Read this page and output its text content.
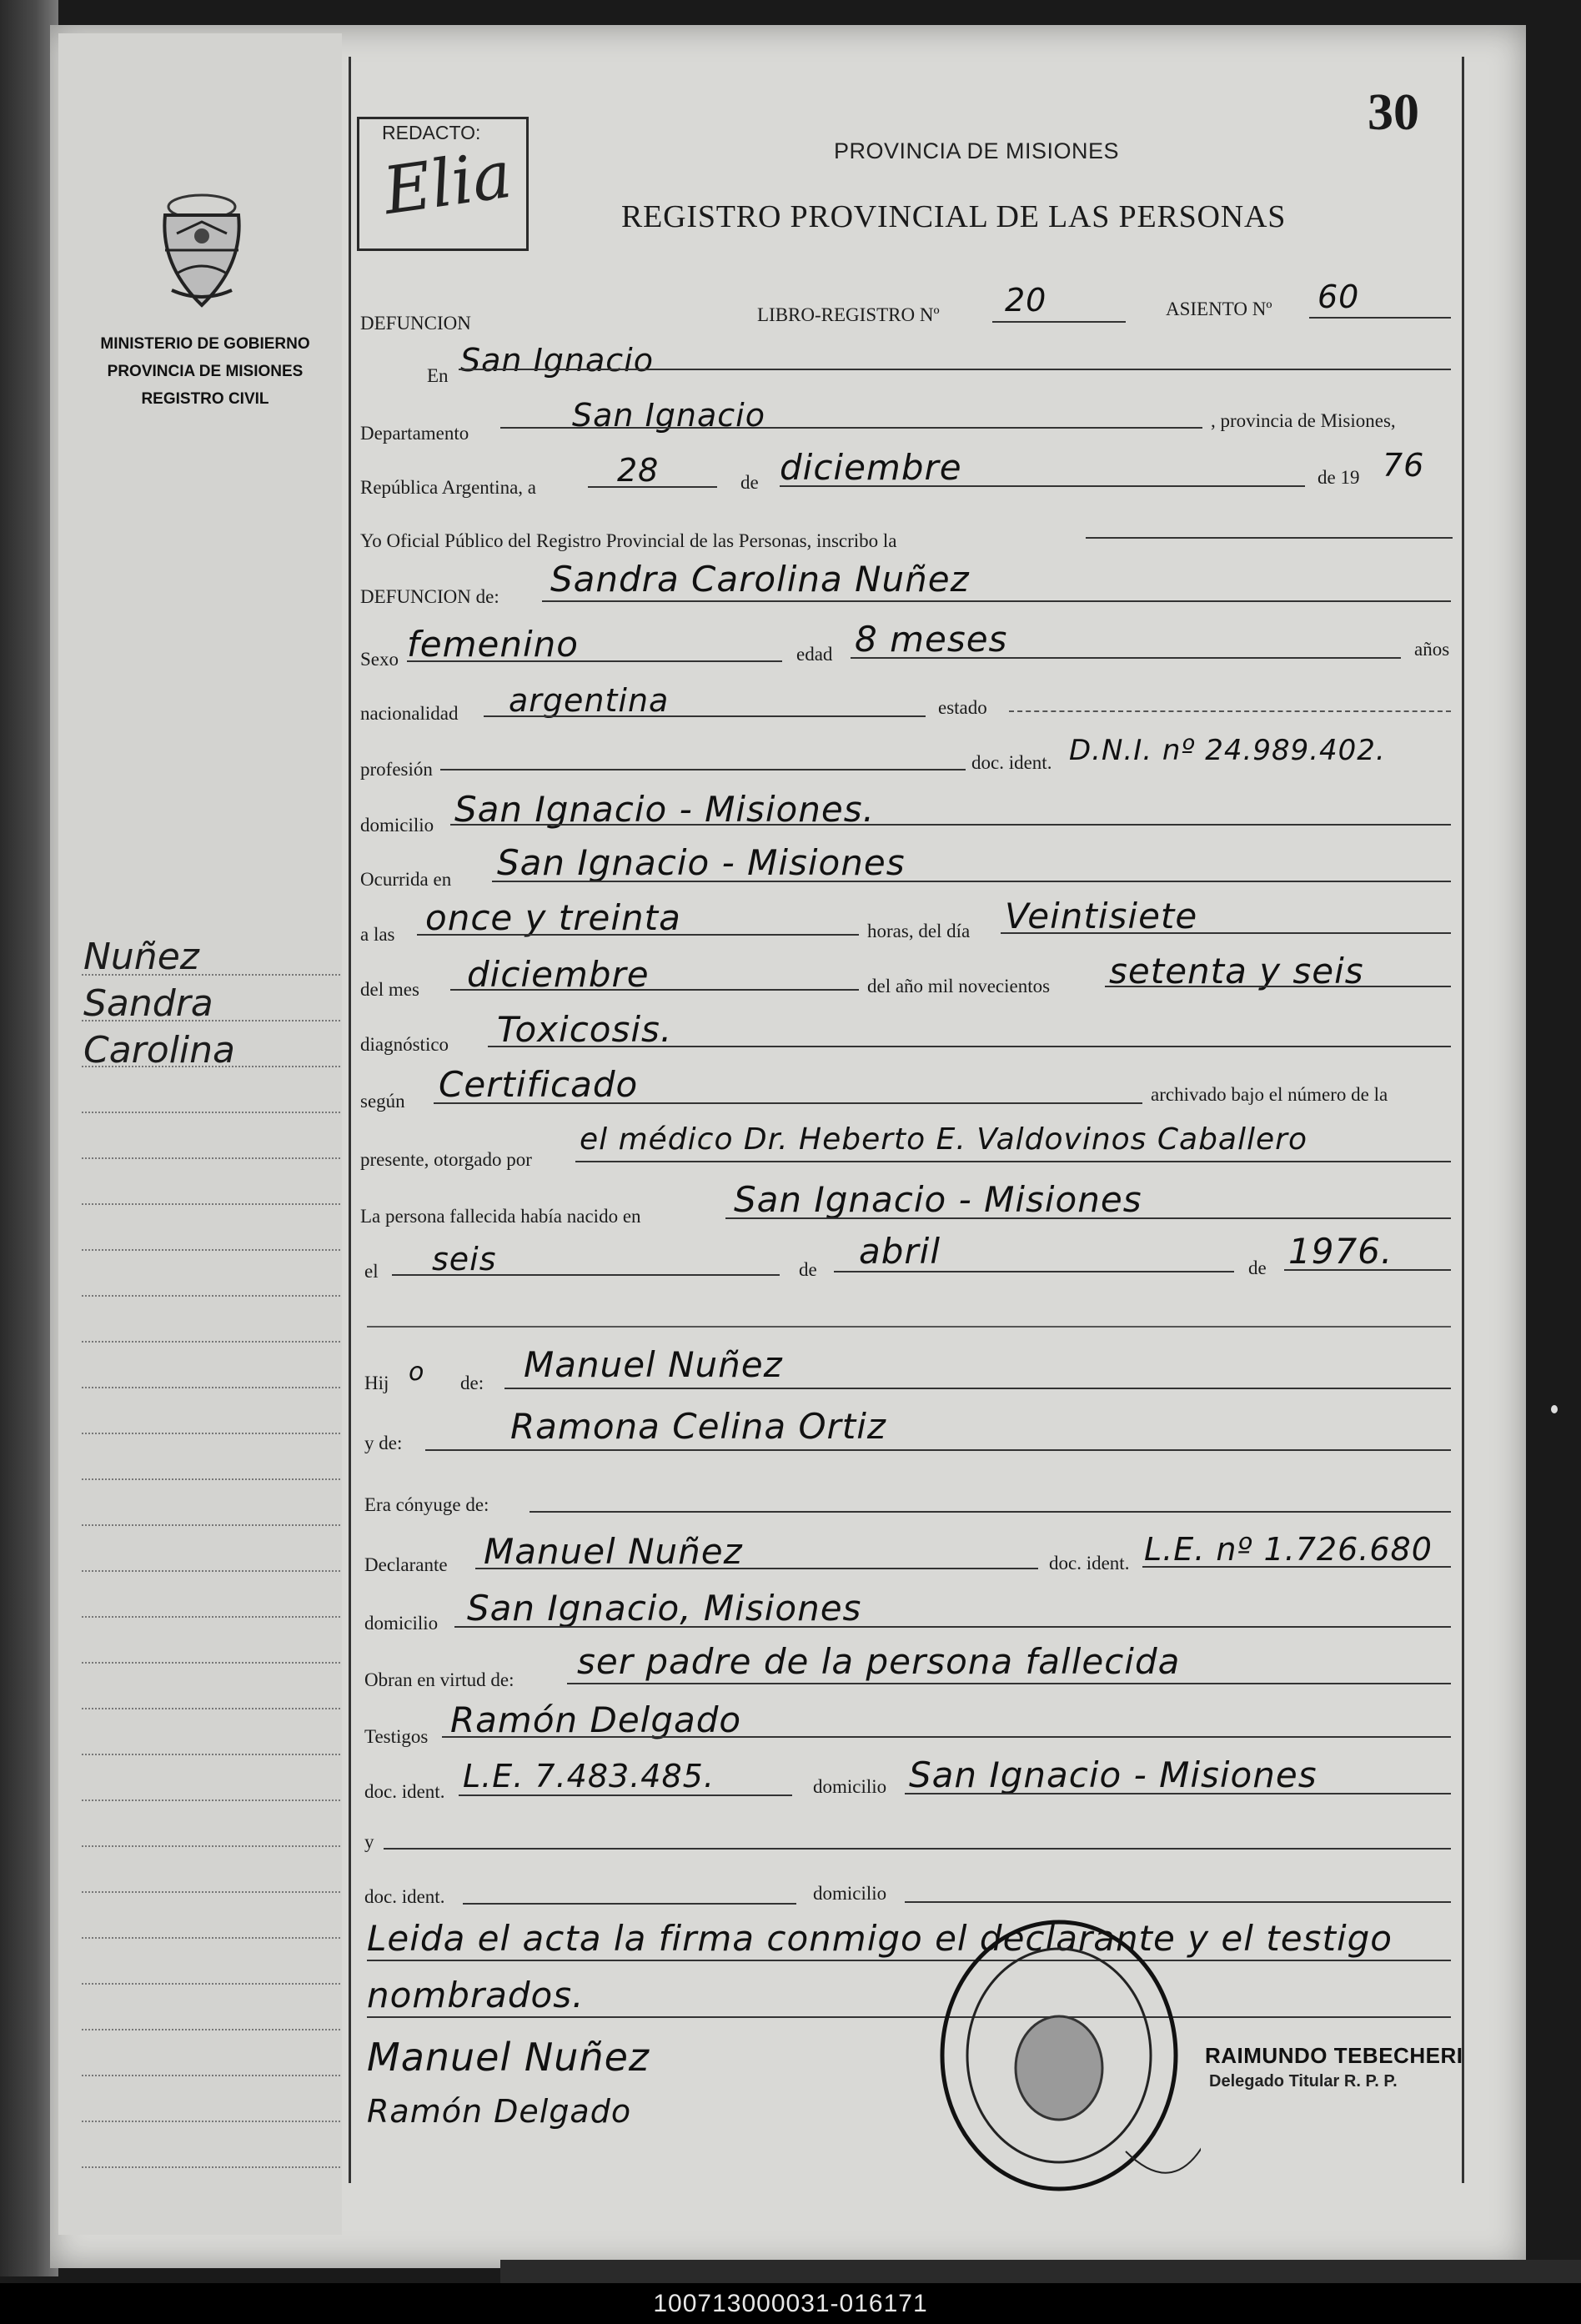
MINISTERIO DE GOBIERNO
PROVINCIA DE MISIONES
REGISTRO CIVIL
Nuñez
Sandra
Carolina
REDACTO:
Elia
30
PROVINCIA DE MISIONES
REGISTRO PROVINCIAL DE LAS PERSONAS
DEFUNCION	LIBRO-REGISTRO Nº 20	ASIENTO Nº 60
En San Ignacio
Departamento	San Ignacio	, provincia de Misiones,
República Argentina, a	28	de diciembre	de 19 76
Yo Oficial Público del Registro Provincial de las Personas, inscribo la
DEFUNCION de: Sandra Carolina Nuñez
Sexo femenino	edad 8 meses	años
nacionalidad argentina	estado
profesión	doc. ident. D.N.I. nº 24.989.402.
domicilio San Ignacio - Misiones.
Ocurrida en San Ignacio - Misiones
a las once y treinta	horas, del día Veintisiete
del mes diciembre	del año mil novecientos setenta y seis
diagnóstico Toxicosis.
según Certificado	archivado bajo el número de la
presente, otorgado por
el médico Dr. Heberto E. Valdovinos Caballero
La persona fallecida había nacido en	San Ignacio - Misiones
el seis	de abril	de 1976.
Hij o de: Manuel Nuñez
y de:	Ramona Celina Ortiz
Era cónyuge de:
Declarante Manuel Nuñez	doc. ident. L.E. nº 1.726.680
domicilio San Ignacio, Misiones
Obran en virtud de: ser padre de la persona fallecida
Testigos Ramón Delgado
doc. ident. L.E. 7.483.485.	domicilio San Ignacio - Misiones
y
doc. ident.	domicilio
Leida el acta la firma conmigo el declarante y el testigo
nombrados.
Manuel Nuñez
Ramón Delgado
RAIMUNDO TEBECHERI
Delegado Titular R. P. P.
100713000031-016171
